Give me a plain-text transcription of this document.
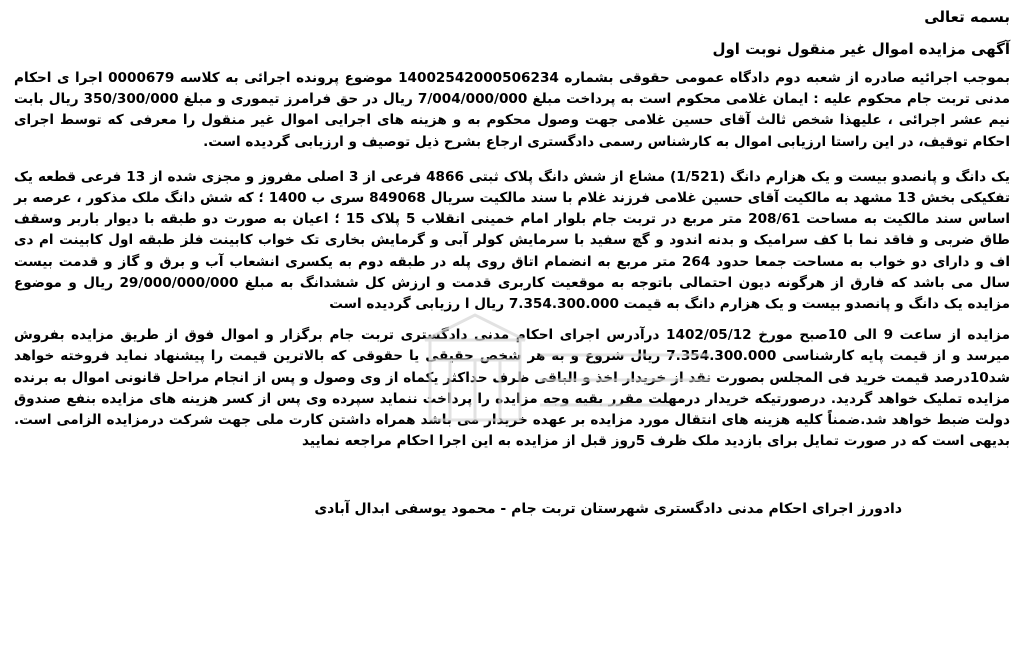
بسمه تعالی

آگهی مزایده اموال غیر منقول نوبت اول

بموجب اجرائیه صادره از شعبه دوم دادگاه عمومی حقوقی بشماره 14002542000506234 موضوع پرونده اجرائی به کلاسه 0000679 اجرا ی احکام مدنی تربت جام محکوم علیه : ایمان غلامی محکوم است به پرداخت مبلغ 7/004/000/000 ریال در حق فرامرز تیموری و مبلغ 350/300/000 ریال بابت نیم عشر اجرائی ، علیهذا شخص ثالث آقای حسین غلامی جهت وصول محکوم به و هزینه های اجرایی اموال غیر منقول را معرفی که توسط اجرای احکام توقیف، در این راستا ارزیابی اموال به کارشناس رسمی دادگستری ارجاع بشرح ذیل توصیف و ارزیابی گردیده است.

یک دانگ و پانصدو بیست و یک هزارم دانگ (1/521) مشاع از شش دانگ پلاک ثبتی 4866 فرعی از 3 اصلی مفروز و مجزی شده از 13 فرعی قطعه یک تفکیکی بخش 13 مشهد به مالکیت آقای حسین غلامی فرزند غلام با سند مالکیت سریال 849068 سری ب 1400 ؛ که شش دانگ ملک مذکور ، عرصه بر اساس سند مالکیت به مساحت 208/61 متر مربع در تربت جام بلوار امام خمینی انقلاب 5 پلاک 15 ؛ اعیان به صورت دو طبقه با دیوار باربر وسقف طاق ضربی و فاقد نما با کف سرامیک و بدنه اندود و گچ سفید با سرمایش کولر آبی و گرمایش بخاری تک خواب کابینت فلز طبقه اول کابینت ام دی اف و دارای دو خواب به مساحت جمعا حدود 264 متر مربع به انضمام اتاق روی پله در طبقه دوم به یکسری انشعاب آب و برق و گاز و قدمت بیست سال می باشد که فارق از هرگونه دیون احتمالی باتوجه به موقعیت کاربری قدمت و ارزش کل ششدانگ به مبلغ 29/000/000/000 ریال و موضوع مزایده یک دانگ و پانصدو بیست و یک هزارم دانگ به قیمت 7.354.300.000 ریال ا رزیابی گردیده است

مزایده از ساعت 9 الی 10صبح مورخ 1402/05/12 درآدرس اجرای احکام مدنی دادگستری تربت جام برگزار و اموال فوق از طریق مزایده بفروش میرسد و از قیمت پایه کارشناسی 7.354.300.000 ریال شروع و به هر شخص حقیقی یا حقوقی که بالاترین قیمت را پیشنهاد نماید فروخته خواهد شد10درصد قیمت خرید فی المجلس بصورت نقد از خریدار اخذ و الباقی ظرف حداکثر یکماه از وی وصول و پس از انجام مراحل قانونی اموال به برنده مزایده تملیک خواهد گردید. درصورتیکه خریدار درمهلت مقرر بقیه وجه مزایده را پرداخت ننماید سپرده وی پس از کسر هزینه های مزایده بنفع صندوق دولت ضبط خواهد شد.ضمناً کلیه هزینه های انتقال مورد مزایده بر عهده خریدار می باشد همراه داشتن کارت ملی جهت شرکت درمزایده الزامی است. بدیهی است که در صورت تمایل برای بازدید ملک ظرف 5روز قبل از مزایده به این اجرا احکام مراجعه نمایید

دادورز اجرای احکام مدنی دادگستری شهرستان تربت جام - محمود یوسفی ابدال آبادی
